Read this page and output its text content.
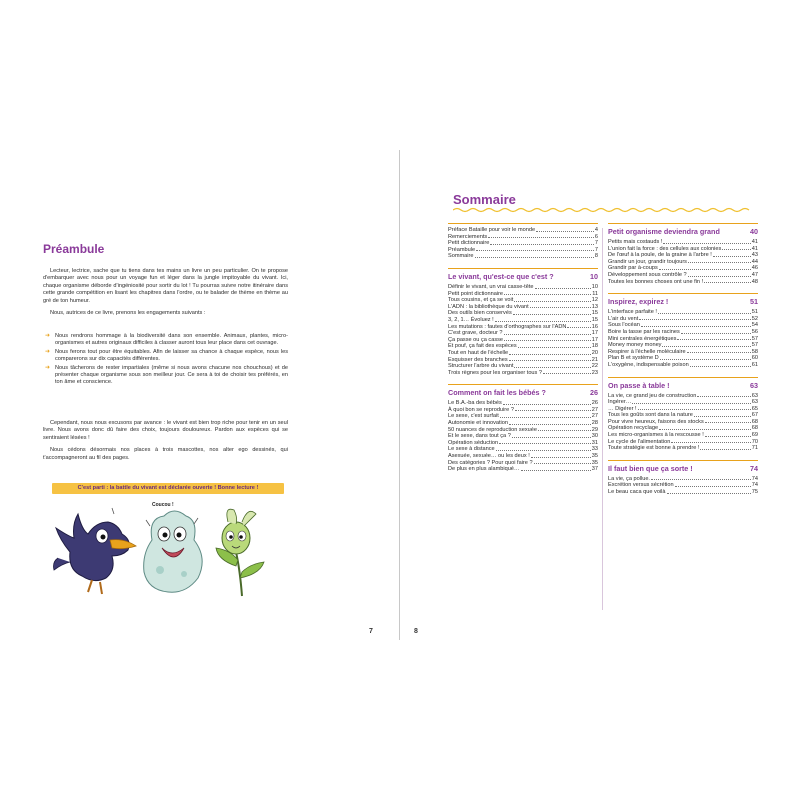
Préambule

Lecteur, lectrice, sache que tu tiens dans tes mains un livre un peu particulier. On te propose d'embarquer avec nous pour un voyage fun et léger dans la jungle impitoyable du vivant. Ici, chaque organisme déborde d'ingéniosité pour sortir du lot ! Tu pourras suivre notre itinéraire dans cette grande compétition en lisant les chapitres dans l'ordre, ou te balader de thème en thème au gré de ton humeur.

Nous, autrices de ce livre, prenons les engagements suivants :

➜ Nous rendrons hommage à la biodiversité dans son ensemble. Animaux, plantes, micro-organismes et autres originaux difficiles à classer auront tous leur place dans cet ouvrage.
➜ Nous ferons tout pour être équitables. Afin de laisser sa chance à chaque espèce, nous les comparerons sur dix capacités différentes.
➜ Nous tâcherons de rester impartiales (même si nous avons chacune nos chouchous) et de présenter chaque organisme sous son meilleur jour. Ce sera à toi de choisir tes préférés, en ton âme et conscience.

Cependant, nous nous excusons par avance : le vivant est bien trop riche pour tenir en un seul livre. Nous avons donc dû faire des choix, toujours douloureux. Pardon aux espèces qui se sentiraient lésées !

Nous cédons désormais nos places à trois mascottes, nos alter ego dessinés, qui t'accompagneront au fil des pages.

C'est parti : la battle du vivant est déclarée ouverte ! Bonne lecture !
Coucou !
7
Sommaire
Préface Bataille pour voir le monde	4
Remerciements	6
Petit dictionnaire	7
Préambule	7
Sommaire	8
Le vivant, qu'est-ce que c'est ?	10
Définir le vivant, un vrai casse-tête	10
Petit point dictionnaire	11
Tous cousins, et ça se voit	12
L'ADN : la bibliothèque du vivant	13
Des outils bien conservés	15
3, 2, 1… Évoluez !	15
Les mutations : fautes d'orthographes sur l'ADN	16
C'est grave, docteur ?	17
Ça passe ou ça casse	17
Et pouf, ça fait des espèces	18
Tout en haut de l'échelle	20
Esquisser des branches	21
Structurer l'arbre du vivant	22
Trois règnes pour les organiser tous ?	23
Comment on fait les bébés ?	26
Le B.A.-ba des bébés	26
À quoi bon se reproduire ?	27
Le sexe, c'est surfait	27
Autonomie et innovation	28
50 nuances de reproduction sexuée	29
Et le sexe, dans tout ça ?	30
Opération séduction	31
Le sexe à distance	33
Asexuée, sexuée… ou les deux !	35
Des catégories ? Pour quoi faire ?	35
De plus en plus alambiqué…	37
Petit organisme deviendra grand	40
Petits mais costauds !	41
L'union fait la force : des cellules aux colonies	41
De l'œuf à la poule, de la graine à l'arbre !	43
Grandir un jour, grandir toujours	44
Grandir par à-coups	46
Développement sous contrôle ?	47
Toutes les bonnes choses ont une fin !	48
Inspirez, expirez !	51
L'interface parfaite !	51
L'air du vent	52
Sous l'océan	54
Boire la tasse par les racines	56
Mini centrales énergétiques	57
Money money money	57
Respirer à l'échelle moléculaire	58
Plan B et système D	60
L'oxygène, indispensable poison	61
On passe à table !	63
La vie, ce grand jeu de construction	63
Ingérer…	63
… Digérer !	65
Tous les goûts sont dans la nature	67
Pour vivre heureux, faisons des stocks	68
Opération recyclage	68
Les micro-organismes à la rescousse !	69
Le cycle de l'alimentation	70
Toute stratégie est bonne à prendre !	71
Il faut bien que ça sorte !	74
La vie, ça pollue.	74
Excrétion versus sécrétion	74
Le beau caca que voilà	75
8
